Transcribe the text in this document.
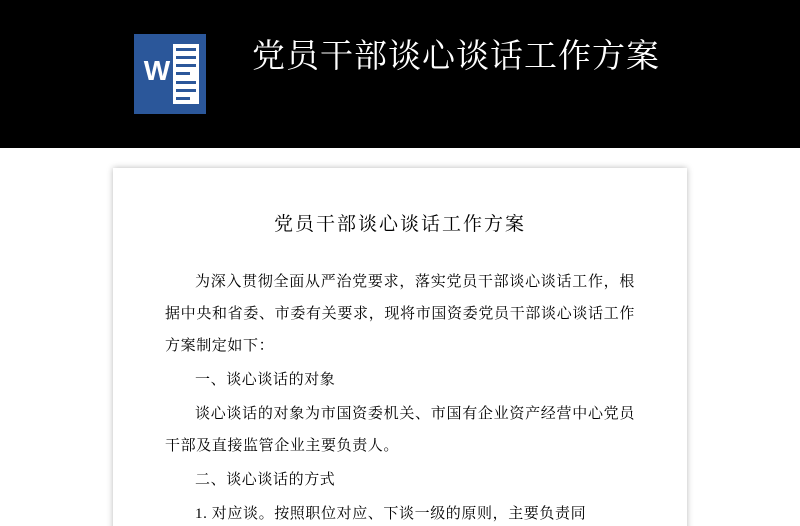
W 党员干部谈心谈话工作方案
党员干部谈心谈话工作方案

为深入贯彻全面从严治党要求，落实党员干部谈心谈话工作，根据中央和省委、市委有关要求，现将市国资委党员干部谈心谈话工作方案制定如下：

一、谈心谈话的对象

谈心谈话的对象为市国资委机关、市国有企业资产经营中心党员干部及直接监管企业主要负责人。

二、谈心谈话的方式

1. 对应谈。按照职位对应、下谈一级的原则，主要负责同
